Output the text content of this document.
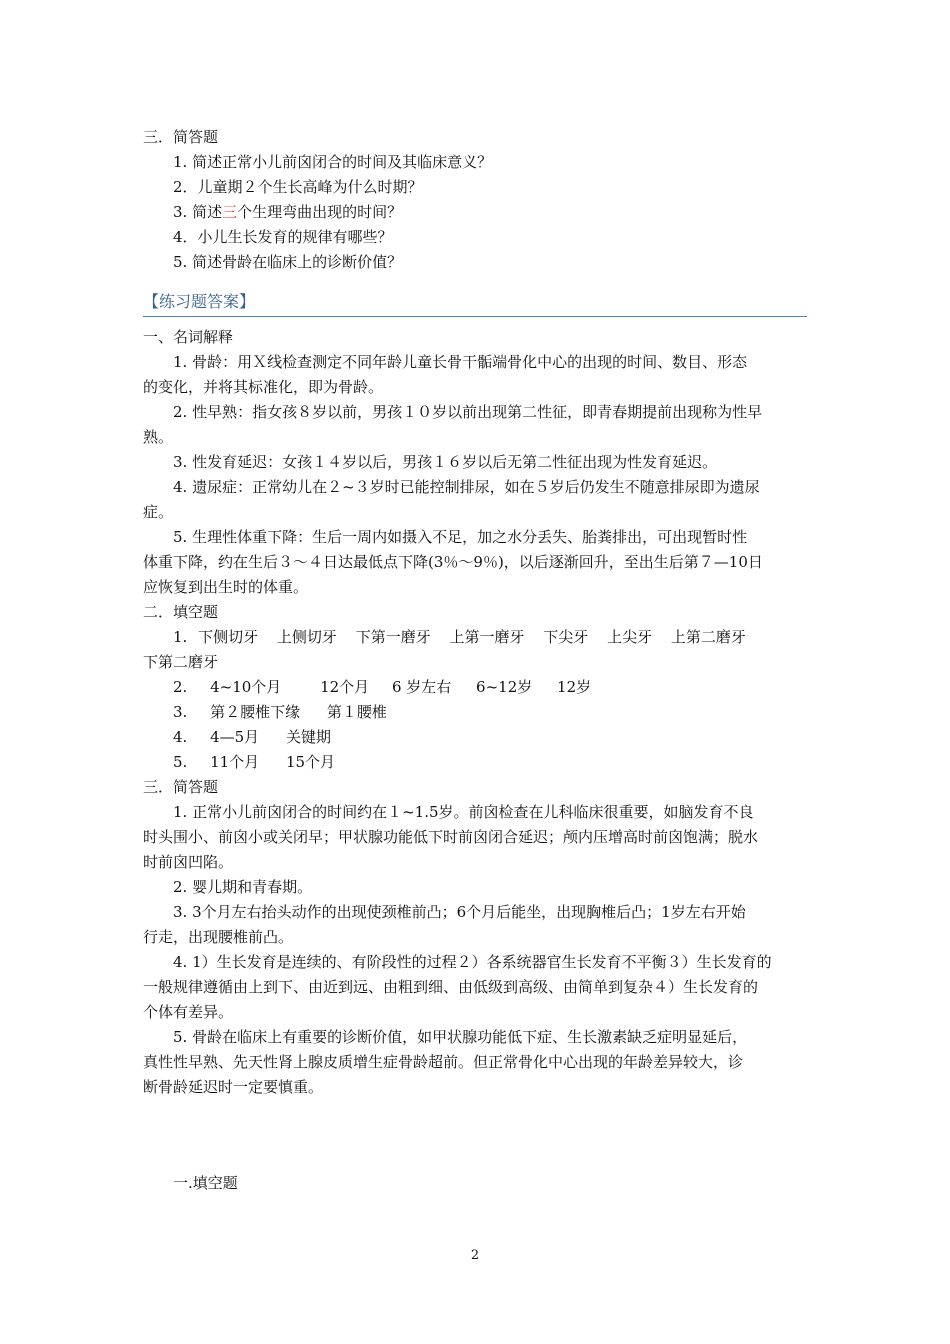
三．简答题
1. 简述正常小儿前囟闭合的时间及其临床意义？
2．儿童期２个生长高峰为什么时期？
3. 简述三个生理弯曲出现的时间？
4．小儿生长发育的规律有哪些？
5. 简述骨龄在临床上的诊断价值？
【练习题答案】
一、名词解释
1. 骨龄：用Ｘ线检查测定不同年龄儿童长骨干骺端骨化中心的出现的时间、数目、形态
的变化，并将其标准化，即为骨龄。
2. 性早熟：指女孩８岁以前，男孩１０岁以前出现第二性征，即青春期提前出现称为性早
熟。
3. 性发育延迟：女孩１４岁以后，男孩１６岁以后无第二性征出现为性发育延迟。
4. 遗尿症：正常幼儿在２~３岁时已能控制排尿，如在５岁后仍发生不随意排尿即为遗尿
症。
5. 生理性体重下降：生后一周内如摄入不足，加之水分丢失、胎粪排出，可出现暂时性
体重下降，约在生后３～４日达最低点下降(3％～9％)，以后逐渐回升，至出生后第７—10日
应恢复到出生时的体重。
二．填空题
1. 下侧切牙 上侧切牙 下第一磨牙 上第一磨牙 下尖牙 上尖牙 上第二磨牙
下第二磨牙
2. 4~10个月	12个月 6 岁左右 6~12岁 12岁
3. 第２腰椎下缘 第１腰椎
4. 4—5月 关键期
5. 11个月 15个月
三．简答题
1. 正常小儿前囟闭合的时间约在１~1.5岁。前囟检查在儿科临床很重要，如脑发育不良
时头围小、前囟小或关闭早；甲状腺功能低下时前囟闭合延迟；颅内压增高时前囟饱满；脱水
时前囟凹陷。
2. 婴儿期和青春期。
3. 3个月左右抬头动作的出现使颈椎前凸；6个月后能坐，出现胸椎后凸；1岁左右开始
行走，出现腰椎前凸。
4. 1）生长发育是连续的、有阶段性的过程２）各系统器官生长发育不平衡３）生长发育的
一般规律遵循由上到下、由近到远、由粗到细、由低级到高级、由简单到复杂４）生长发育的
个体有差异。
5. 骨龄在临床上有重要的诊断价值，如甲状腺功能低下症、生长激素缺乏症明显延后，
真性性早熟、先天性肾上腺皮质增生症骨龄超前。但正常骨化中心出现的年龄差异较大，诊
断骨龄延迟时一定要慎重。
一.填空题
2
